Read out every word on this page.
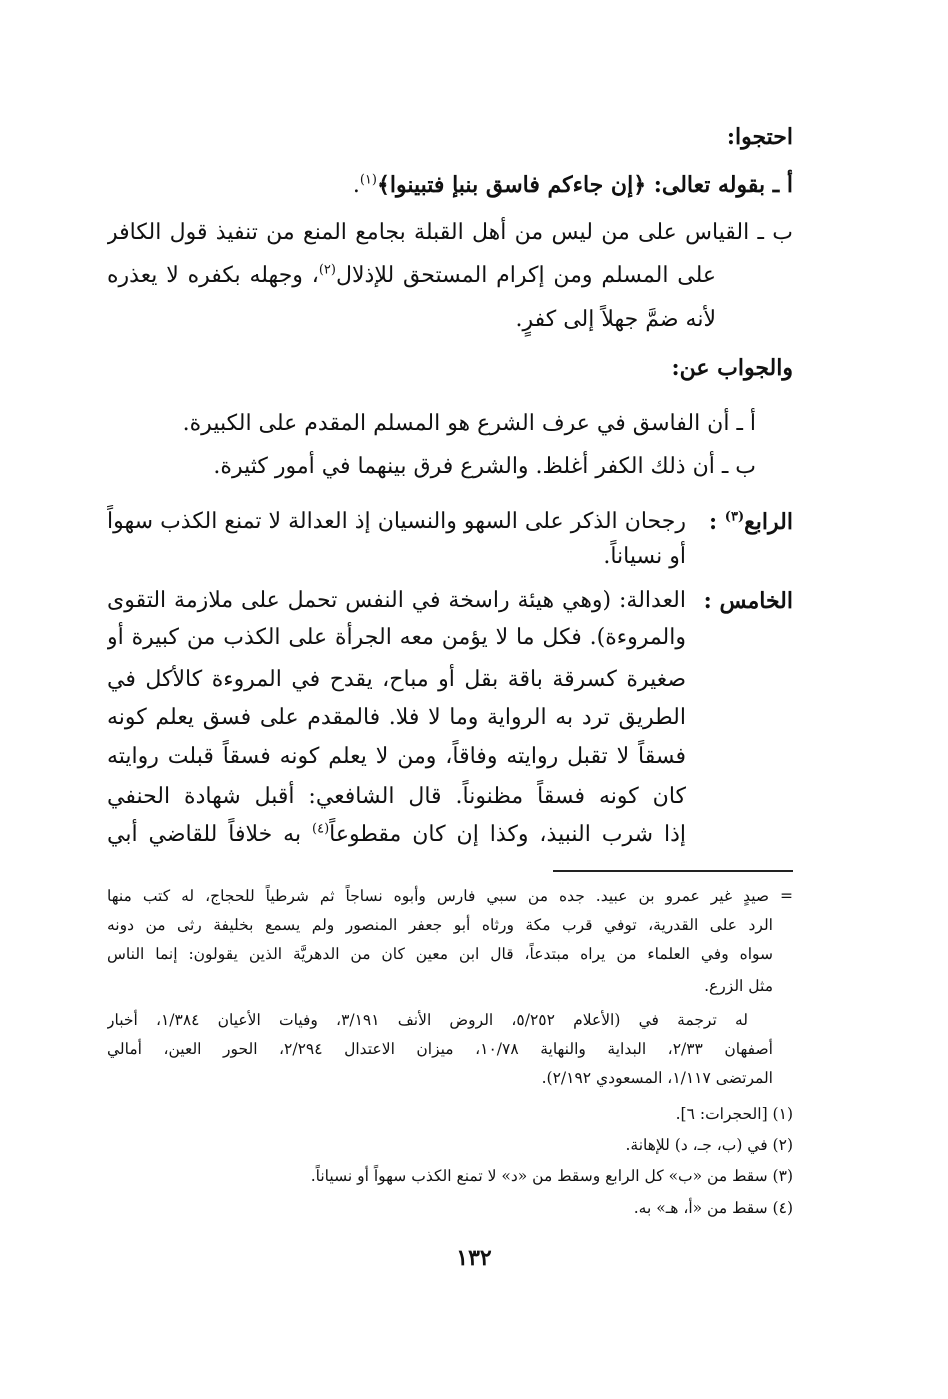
احتجوا:
أ ـ بقوله تعالى: ﴿إن جاءكم فاسق بنبإ فتبينوا﴾$^{(١)}$.
ب ـ القياس على من ليس من أهل القبلة بجامع المنع من تنفيذ قول الكافر
على المسلم ومن إكرام المستحق للإذلال$^{(٢)}$، وجهله بكفره لا يعذره
لأنه ضمَّ جهلاً إلى كفرٍ.
والجواب عن:
أ ـ أن الفاسق في عرف الشرع هو المسلم المقدم على الكبيرة.
ب ـ أن ذلك الكفر أغلظ. والشرع فرق بينهما في أمور كثيرة.
الرابع$^{(٣)}$ :
رجحان الذكر على السهو والنسيان إذ العدالة لا تمنع الكذب سهواً
أو نسياناً.
الخامس :
العدالة: (وهي هيئة راسخة في النفس تحمل على ملازمة التقوى
والمروءة). فكل ما لا يؤمن معه الجرأة على الكذب من كبيرة أو
صغيرة كسرقة باقة بقل أو مباح، يقدح في المروءة كالأكل في
الطريق ترد به الرواية وما لا فلا. فالمقدم على فسق يعلم كونه
فسقاً لا تقبل روايته وفاقاً، ومن لا يعلم كونه فسقاً قبلت روايته
كان كونه فسقاً مظنوناً. قال الشافعي: أقبل شهادة الحنفي
إذا شرب النبيذ، وكذا إن كان مقطوعاً$^{(٤)}$ به خلافاً للقاضي أبي
= صيدٍ غير عمرو بن عبيد. جده من سبي فارس وأبوه نساجاً ثم شرطياً للحجاج، له كتب منها
الرد على القدرية، توفي قرب مكة ورثاه أبو جعفر المنصور ولم يسمع بخليفة رثى من دونه
سواه وفي العلماء من يراه مبتدعاً، قال ابن معين كان من الدهريَّة الذين يقولون: إنما الناس
مثل الزرع.
له ترجمة في (الأعلام ٥/٢٥٢، الروض الأنف ٣/١٩١، وفيات الأعيان ١/٣٨٤، أخبار
أصفهان ٢/٣٣، البداية والنهاية ١٠/٧٨، ميزان الاعتدال ٢/٢٩٤، الحور العين، أمالي
المرتضى ١/١١٧، المسعودي ٢/١٩٢).
(١) [الحجرات: ٦].
(٢) في (ب، جـ، د) للإهانة.
(٣) سقط من «ب» كل الرابع وسقط من «د» لا تمنع الكذب سهواً أو نسياناً.
(٤) سقط من «أ، هـ» به.
١٣٢
